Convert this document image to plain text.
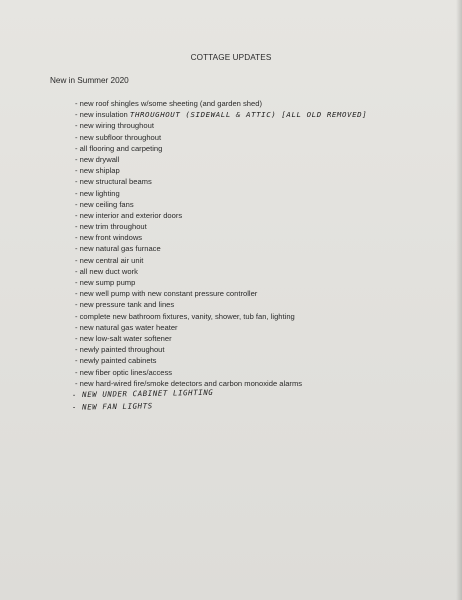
COTTAGE UPDATES
New in Summer 2020
- new roof shingles w/some sheeting (and garden shed)
- new insulation THROUGHOUT (SIDEWALL & ATTIC) [ALL OLD REMOVED]
- new wiring throughout
- new subfloor throughout
- all flooring and carpeting
- new drywall
- new shiplap
- new structural beams
- new lighting
- new ceiling fans
- new interior and exterior doors
- new trim throughout
- new front windows
- new natural gas furnace
- new central air unit
- all new duct work
- new sump pump
- new well pump with new constant pressure controller
- new pressure tank and lines
- complete new bathroom fixtures, vanity, shower, tub fan, lighting
- new natural gas water heater
- new low-salt water softener
- newly painted throughout
- newly painted cabinets
- new fiber optic lines/access
- new hard-wired fire/smoke detectors and carbon monoxide alarms
- NEW UNDER CABINET LIGHTING
- NEW FAN LIGHTS
